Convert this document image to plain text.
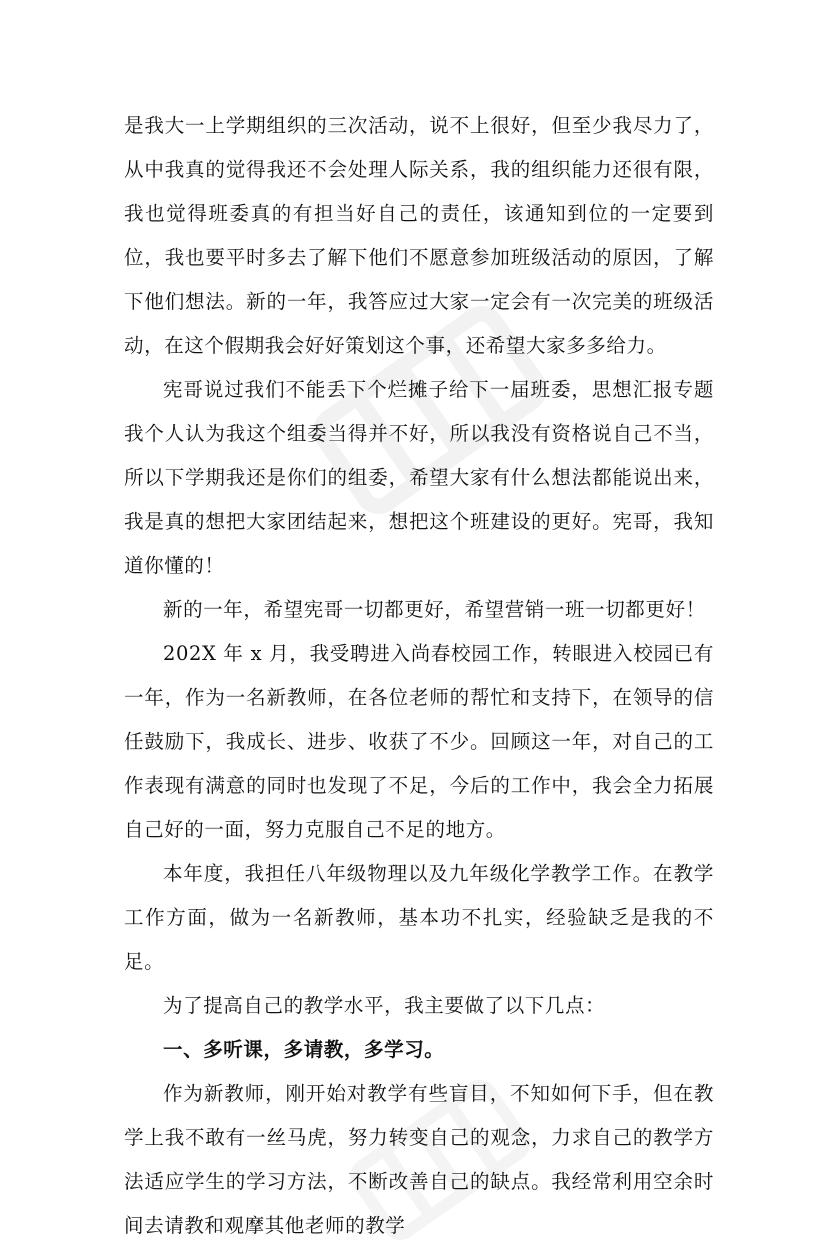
是我大一上学期组织的三次活动，说不上很好，但至少我尽力了，从中我真的觉得我还不会处理人际关系，我的组织能力还很有限，我也觉得班委真的有担当好自己的责任，该通知到位的一定要到位，我也要平时多去了解下他们不愿意参加班级活动的原因，了解下他们想法。新的一年，我答应过大家一定会有一次完美的班级活动，在这个假期我会好好策划这个事，还希望大家多多给力。

宪哥说过我们不能丢下个烂摊子给下一届班委，思想汇报专题我个人认为我这个组委当得并不好，所以我没有资格说自己不当，所以下学期我还是你们的组委，希望大家有什么想法都能说出来，我是真的想把大家团结起来，想把这个班建设的更好。宪哥，我知道你懂的！

新的一年，希望宪哥一切都更好，希望营销一班一切都更好！

202X 年 x 月，我受聘进入尚春校园工作，转眼进入校园已有一年，作为一名新教师，在各位老师的帮忙和支持下，在领导的信任鼓励下，我成长、进步、收获了不少。回顾这一年，对自己的工作表现有满意的同时也发现了不足，今后的工作中，我会全力拓展自己好的一面，努力克服自己不足的地方。

本年度，我担任八年级物理以及九年级化学教学工作。在教学工作方面，做为一名新教师，基本功不扎实，经验缺乏是我的不足。

为了提高自己的教学水平，我主要做了以下几点：

一、多听课，多请教，多学习。

作为新教师，刚开始对教学有些盲目，不知如何下手，但在教学上我不敢有一丝马虎，努力转变自己的观念，力求自己的教学方法适应学生的学习方法，不断改善自己的缺点。我经常利用空余时间去请教和观摩其他老师的教学
